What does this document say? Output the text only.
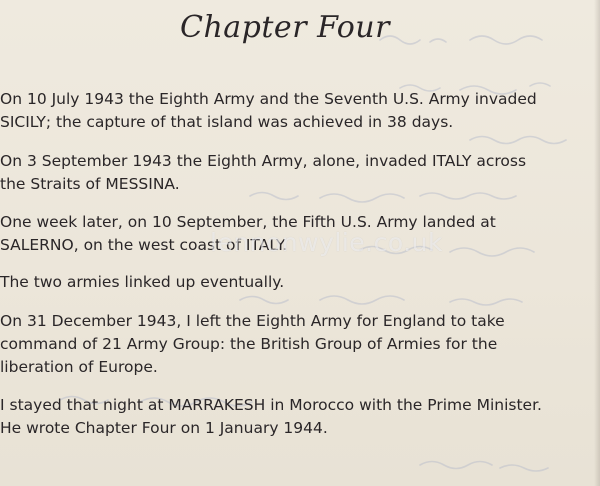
Chapter Four

On 10 July 1943 the Eighth Army and the Seventh U.S. Army invaded
SICILY; the capture of that island was achieved in 38 days.

On 3 September 1943 the Eighth Army, alone, invaded ITALY across
the Straits of MESSINA.

One week later, on 10 September, the Fifth U.S. Army landed at
SALERNO, on the west coast of ITALY.

The two armies linked up eventually.

On 31 December 1943, I left the Eighth Army for England to take
command of 21 Army Group: the British Group of Armies for the
liberation of Europe.

I stayed that night at MARRAKESH in Morocco with the Prime Minister.
He wrote Chapter Four on 1 January 1944.

lennonwylie.co.uk
